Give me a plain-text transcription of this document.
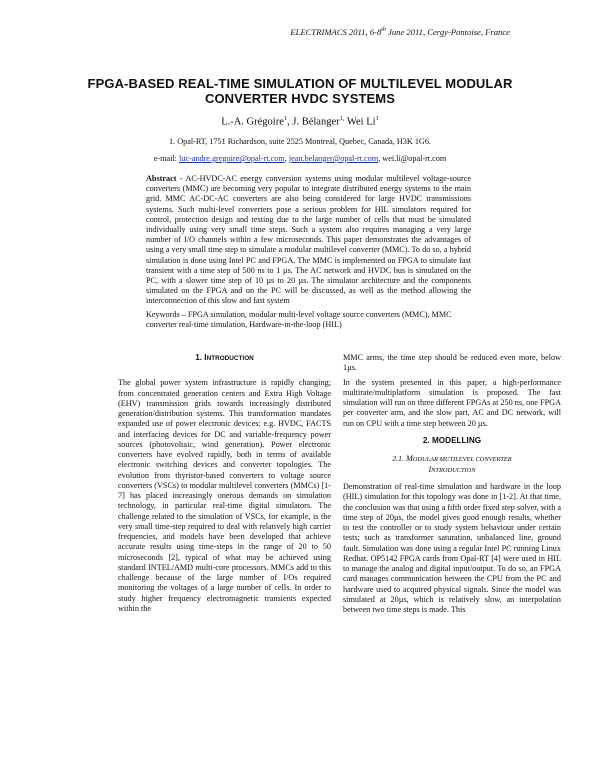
ELECTRIMACS 2011, 6-8th June 2011, Cergy-Pontoise, France
FPGA-BASED REAL-TIME SIMULATION OF MULTILEVEL MODULAR
CONVERTER HVDC SYSTEMS
L.-A. Grégoire$^1$, J. Bélanger$^{1,}$ Wei Li$^1$
1. Opal-RT, 1751 Richardson, suite 2525 Montreal, Quebec, Canada, H3K 1G6.
e-mail: luc-andre.gregoire@opal-rt.com, jean.belanger@opal-rt.com, wei.li@opal-rt.com
Abstract - AC-HVDC-AC energy conversion systems using modular multilevel voltage-source converters (MMC) are becoming very popular to integrate distributed energy systems to the main grid. MMC AC-DC-AC converters are also being considered for large HVDC transmissions systems. Such multi-level converters pose a serious problem for HIL simulators required for control, protection design and testing due to the large number of cells that must be simulated individually using very small time steps. Such a system also requires managing a very large number of I/O channels within a few microseconds. This paper demonstrates the advantages of using a very small time step to simulate a modular multilevel converter (MMC). To do so, a hybrid simulation is done using Intel PC and FPGA. The MMC is implemented on FPGA to simulate fast transient with a time step of 500 ns to 1 µs. The AC network and HVDC bus is simulated on the PC, with a slower time step of 10 µs to 20 µs. The simulator architecture and the components simulated on the FPGA and on the PC will be discussed, as well as the method allowing the interconnection of this slow and fast system
Keywords – FPGA simulation, modular multi-level voltage source converters (MMC), MMC converter real-time simulation, Hardware-in-the-loop (HIL)
1. INTRODUCTION

The global power system infrastructure is rapidly changing; from concentrated generation centers and Extra High Voltage (EHV) transmission grids towards increasingly distributed generation/distribution systems. This transformation mandates expanded use of power electronic devices: e.g. HVDC, FACTS and interfacing devices for DC and variable-frequency power sources (photovoltaic, wind generation). Power electronic converters have evolved rapidly, both in terms of available electronic switching devices and converter topologies. The evolution from thyristor-based converters to voltage source converters (VSCs) to modular multilevel converters (MMCs) [1-7] has placed increasingly onerous demands on simulation technology, in particular real-time digital simulators. The challenge related to the simulation of VSCs, for example, is the very small time-step required to deal with relatively high carrier frequencies, and models have been developed that achieve accurate results using time-steps in the range of 20 to 50 microseconds [2], typical of what may be achieved using standard INTEL/AMD multi-core processors. MMCs add to this challenge because of the large number of I/Os required monitoring the voltages of a large number of cells. In order to study higher frequency electromagnetic transients expected within the

MMC arms, the time step should be reduced even more, below 1µs.

In the system presented in this paper, a high-performance multirate/multiplatform simulation is proposed. The fast simulation will run on three different FPGAs at 250 ns, one FPGA per converter arm, and the slow part, AC and DC network, will run on CPU with a time step between 20 µs.

2. MODELLING
2.1. MODULAR MUTILEVEL CONVERTER
INTRODUCTION

Demonstration of real-time simulation and hardware in the loop (HIL) simulation for this topology was done in [1-2]. At that time, the conclusion was that using a fifth order fixed step solver, with a time step of 20µs, the model gives good enough results, whether to test the controller or to study system behaviour under certain tests; such as transformer saturation, unbalanced line, ground fault. Simulation was done using a regular Intel PC running Linux Redhat. OP5142 FPGA cards from Opal-RT [4] were used in HIL to manage the analog and digital input/output. To do so, an FPGA card manages communication between the CPU from the PC and hardware used to acquired physical signals. Since the model was simulated at 20µs, which is relatively slow, an interpolation between two time steps is made. This
